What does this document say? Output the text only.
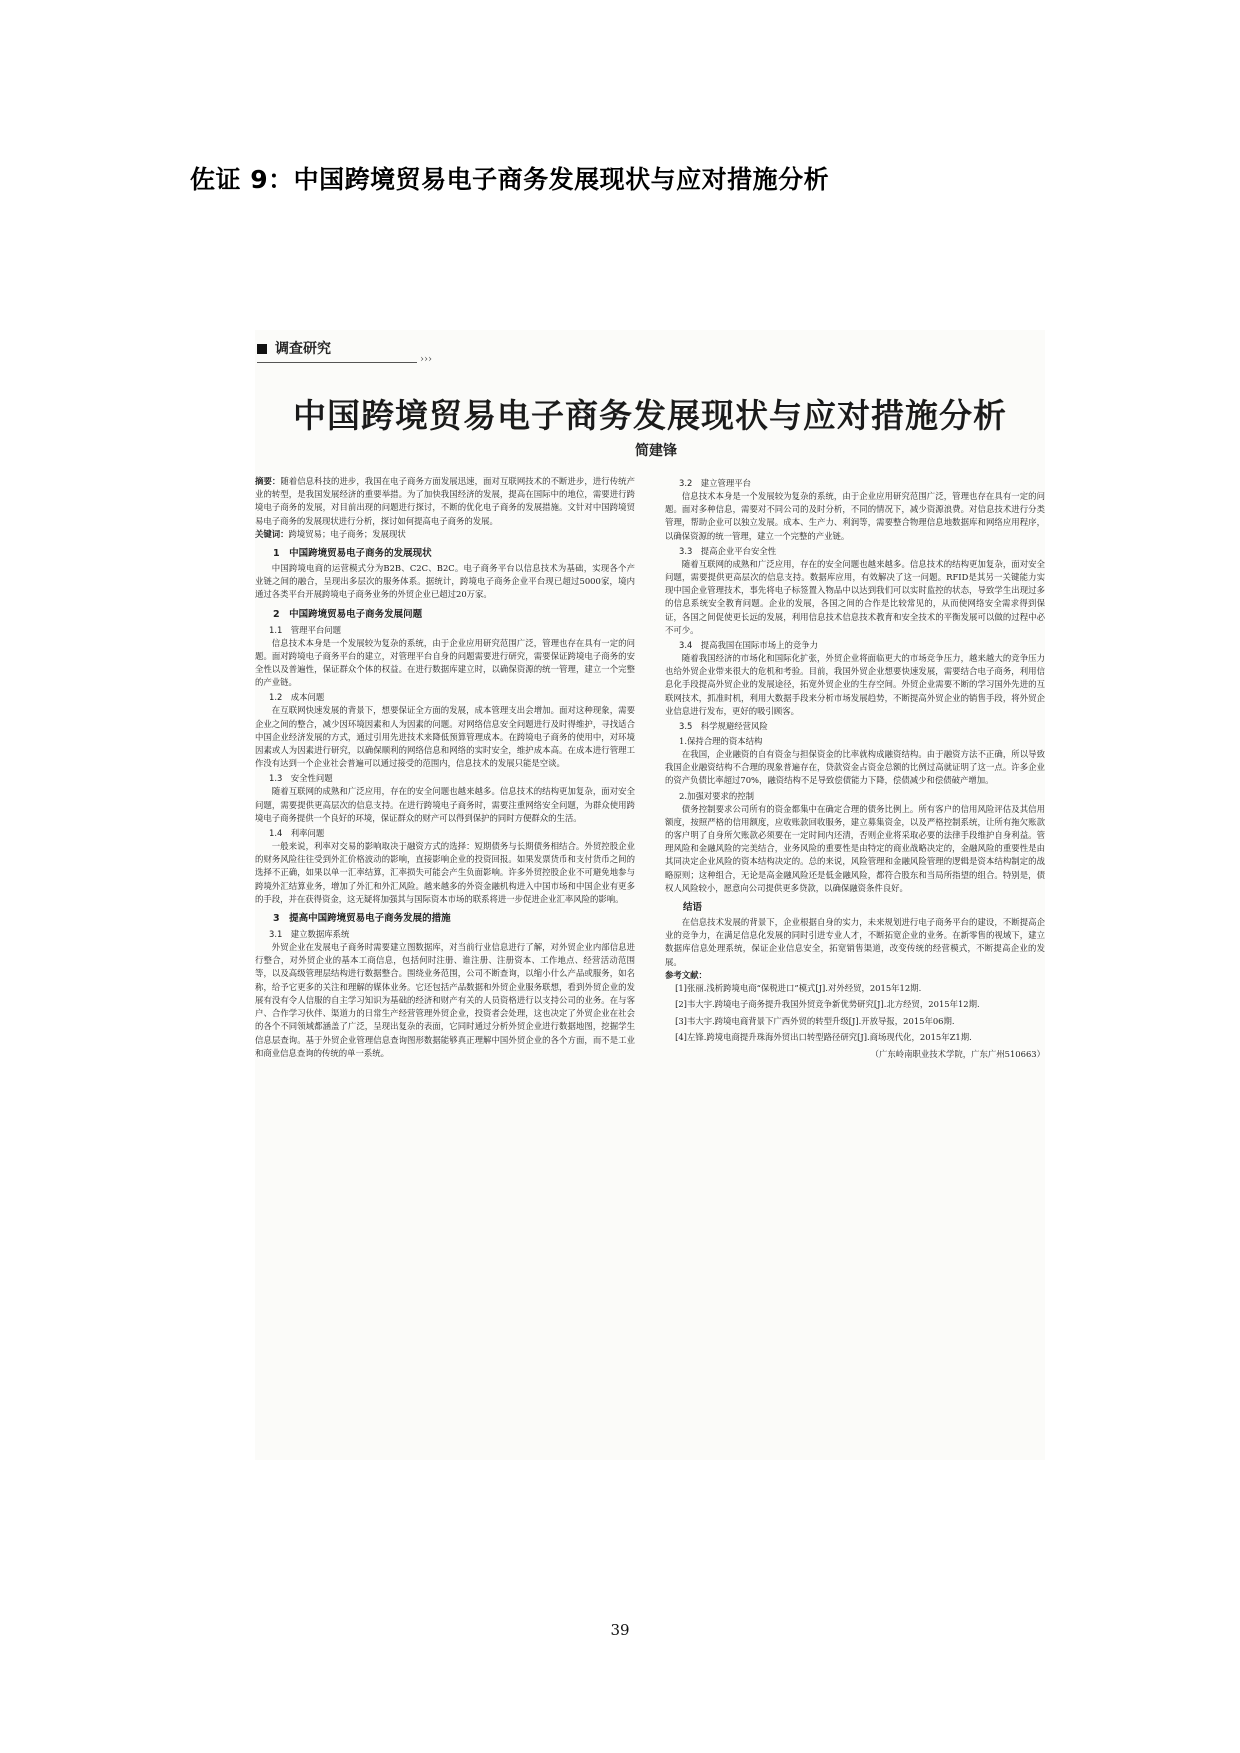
佐证 9：中国跨境贸易电子商务发展现状与应对措施分析
调查研究
›››
中国跨境贸易电子商务发展现状与应对措施分析
简建锋

摘要：随着信息科技的进步，我国在电子商务方面发展迅速，面对互联网技术的不断进步，进行传统产业的转型，是我国发展经济的重要举措。为了加快我国经济的发展，提高在国际中的地位，需要进行跨境电子商务的发展，对目前出现的问题进行探讨，不断的优化电子商务的发展措施。文针对中国跨境贸易电子商务的发展现状进行分析，探讨如何提高电子商务的发展。

关键词：跨境贸易；电子商务；发展现状

1　中国跨境贸易电子商务的发展现状

中国跨境电商的运营模式分为B2B、C2C、B2C。电子商务平台以信息技术为基础，实现各个产业链之间的融合，呈现出多层次的服务体系。据统计，跨境电子商务企业平台现已超过5000家，境内通过各类平台开展跨境电子商务业务的外贸企业已超过20万家。

2　中国跨境贸易电子商务发展问题
1.1　管理平台问题

信息技术本身是一个发展较为复杂的系统，由于企业应用研究范围广泛，管理也存在具有一定的问题。面对跨境电子商务平台的建立，对管理平台自身的问题需要进行研究，需要保证跨境电子商务的安全性以及普遍性，保证群众个体的权益。在进行数据库建立时，以确保资源的统一管理，建立一个完整的产业链。

1.2　成本问题

在互联网快速发展的背景下，想要保证全方面的发展，成本管理支出会增加。面对这种现象，需要企业之间的整合，减少因环境因素和人为因素的问题。对网络信息安全问题进行及时得维护，寻找适合中国企业经济发展的方式，通过引用先进技术来降低预算管理成本。在跨境电子商务的使用中，对环境因素或人为因素进行研究，以确保顺利的网络信息和网络的实时安全，维护成本高。在成本进行管理工作没有达到一个企业社会普遍可以通过接受的范围内，信息技术的发展只能是空谈。

1.3　安全性问题

随着互联网的成熟和广泛应用，存在的安全问题也越来越多。信息技术的结构更加复杂，面对安全问题，需要提供更高层次的信息支持。在进行跨境电子商务时，需要注重网络安全问题，为群众使用跨境电子商务提供一个良好的环境，保证群众的财产可以得到保护的同时方便群众的生活。

1.4　利率问题

一般来说，利率对交易的影响取决于融资方式的选择：短期债务与长期债务相结合。外贸控股企业的财务风险往往受到外汇价格波动的影响，直接影响企业的投资回报。如果发票货币和支付货币之间的选择不正确，如果以单一汇率结算，汇率损失可能会产生负面影响。许多外贸控股企业不可避免地参与跨境外汇结算业务，增加了外汇和外汇风险。越来越多的外资金融机构进入中国市场和中国企业有更多的手段，并在获得资金，这无疑将加强其与国际资本市场的联系将进一步促进企业汇率风险的影响。

3　提高中国跨境贸易电子商务发展的措施
3.1　建立数据库系统

外贸企业在发展电子商务时需要建立图数据库，对当前行业信息进行了解，对外贸企业内部信息进行整合，对外贸企业的基本工商信息，包括何时注册、谁注册、注册资本、工作地点、经营活动范围等，以及高级管理层结构进行数据整合。围绕业务范围，公司不断查询，以缩小什么产品或服务，如名称，给予它更多的关注和理解的媒体业务。它还包括产品数据和外贸企业服务联想，看到外贸企业的发展有没有令人信服的自主学习知识为基础的经济和财产有关的人员资格进行以支持公司的业务。在与客户、合作学习伙伴、渠道力的日常生产经营管理外贸企业，投资者会处理，这也决定了外贸企业在社会的各个不同领域都涵盖了广泛，呈现出复杂的表面，它同时通过分析外贸企业进行数据地图，挖掘学生信息层查询。基于外贸企业管理信息查询图形数据能够真正理解中国外贸企业的各个方面，而不是工业和商业信息查询的传统的单一系统。

3.2　建立管理平台

信息技术本身是一个发展较为复杂的系统，由于企业应用研究范围广泛，管理也存在具有一定的问题。面对多种信息，需要对不同公司的及时分析，不同的情况下，减少资源浪费。对信息技术进行分类管理，帮助企业可以独立发展。成本、生产力、利润等，需要整合物理信息地数据库和网络应用程序，以确保资源的统一管理，建立一个完整的产业链。

3.3　提高企业平台安全性

随着互联网的成熟和广泛应用，存在的安全问题也越来越多。信息技术的结构更加复杂，面对安全问题，需要提供更高层次的信息支持。数据库应用，有效解决了这一问题。RFID是其另一关键能力实现中国企业管理技术，事先将电子标签置入物品中以达到我们可以实时监控的状态，导致学生出现过多的信息系统安全教育问题。企业的发展，各国之间的合作是比较常见的，从而使网络安全需求得到保证，各国之间促使更长远的发展，利用信息技术信息技术教育和安全技术的平衡发展可以做的过程中必不可少。

3.4　提高我国在国际市场上的竞争力

随着我国经济的市场化和国际化扩张，外贸企业将面临更大的市场竞争压力，越来越大的竞争压力也给外贸企业带来很大的危机和考验。目前，我国外贸企业想要快速发展，需要结合电子商务，利用信息化手段提高外贸企业的发展途径，拓宽外贸企业的生存空间。外贸企业需要不断的学习国外先进的互联网技术，抓准时机，利用大数据手段来分析市场发展趋势，不断提高外贸企业的销售手段，将外贸企业信息进行发布，更好的吸引顾客。

3.5　科学规避经营风险
1.保持合理的资本结构

在我国，企业融资的自有资金与担保资金的比率就构成融资结构。由于融资方法不正确，所以导致我国企业融资结构不合理的现象普遍存在，贷款资金占资金总额的比例过高就证明了这一点。许多企业的资产负债比率超过70%，融资结构不足导致偿债能力下降，偿债减少和偿债破产增加。

2.加强对要求的控制

债务控制要求公司所有的资金都集中在确定合理的债务比例上。所有客户的信用风险评估及其信用额度，按照严格的信用额度，应收账款回收服务，建立募集资金，以及严格控制系统，让所有拖欠账款的客户明了自身所欠账款必须要在一定时间内还清，否则企业将采取必要的法律手段维护自身利益。管理风险和金融风险的完美结合，业务风险的重要性是由特定的商业战略决定的，金融风险的重要性是由其同决定企业风险的资本结构决定的。总的来说，风险管理和金融风险管理的逻辑是资本结构制定的战略原则；这种组合，无论是高金融风险还是低金融风险，都符合股东和当局所指望的组合。特别是，债权人风险较小，愿意向公司提供更多贷款，以确保融资条件良好。

结语

在信息技术发展的背景下，企业根据自身的实力，未来规划进行电子商务平台的建设，不断提高企业的竞争力，在满足信息化发展的同时引进专业人才，不断拓宽企业的业务。在新零售的视域下，建立数据库信息处理系统，保证企业信息安全，拓宽销售渠道，改变传统的经营模式，不断提高企业的发展。

参考文献：

[1]张丽.浅析跨境电商“保税进口”模式[J].对外经贸，2015年12期.

[2]韦大宇.跨境电子商务提升我国外贸竞争新优势研究[J].北方经贸，2015年12期.

[3]韦大宇.跨境电商背景下广西外贸的转型升级[J].开放导报，2015年06期.

[4]左锋.跨境电商提升珠海外贸出口转型路径研究[J].商场现代化，2015年Z1期.

（广东岭南职业技术学院，广东广州510663）

39
